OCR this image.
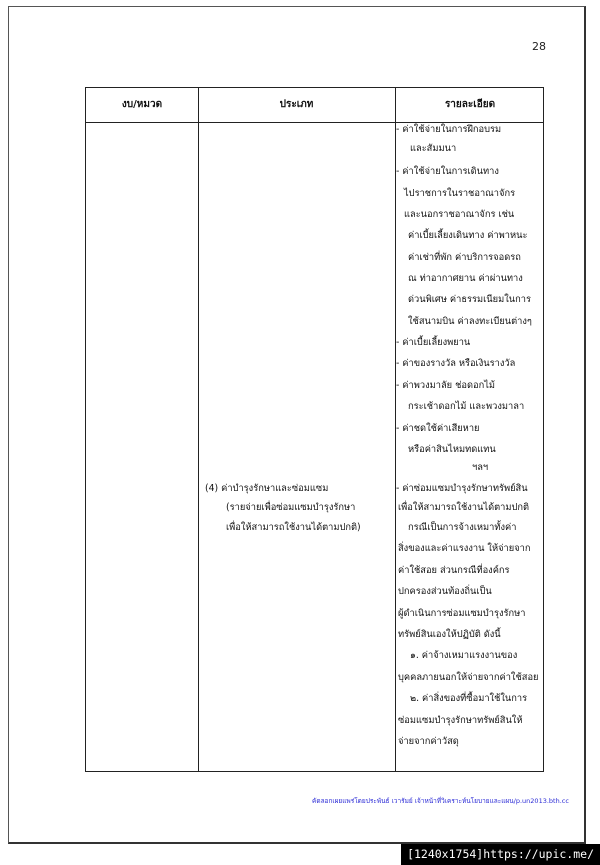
28
งบ/หมวด	ประเภท	รายละเอียด
(4) ค่าบำรุงรักษาและซ่อมแซม
(รายจ่ายเพื่อซ่อมแซมบำรุงรักษา
เพื่อให้สามารถใช้งานได้ตามปกติ)
- ค่าใช้จ่ายในการฝึกอบรม
และสัมมนา
- ค่าใช้จ่ายในการเดินทาง
ไปราชการในราชอาณาจักร
และนอกราชอาณาจักร เช่น
ค่าเบี้ยเลี้ยงเดินทาง ค่าพาหนะ
ค่าเช่าที่พัก ค่าบริการจอดรถ
ณ ท่าอากาศยาน ค่าผ่านทาง
ด่วนพิเศษ ค่าธรรมเนียมในการ
ใช้สนามบิน ค่าลงทะเบียนต่างๆ
- ค่าเบี้ยเลี้ยงพยาน
- ค่าของรางวัล หรือเงินรางวัล
- ค่าพวงมาลัย ช่อดอกไม้
กระเช้าดอกไม้ และพวงมาลา
- ค่าชดใช้ค่าเสียหาย
หรือค่าสินไหมทดแทน
ฯลฯ
- ค่าซ่อมแซมบำรุงรักษาทรัพย์สิน
เพื่อให้สามารถใช้งานได้ตามปกติ
กรณีเป็นการจ้างเหมาทั้งค่า
สิ่งของและค่าแรงงาน ให้จ่ายจาก
ค่าใช้สอย ส่วนกรณีที่องค์กร
ปกครองส่วนท้องถิ่นเป็น
ผู้ดำเนินการซ่อมแซมบำรุงรักษา
ทรัพย์สินเองให้ปฏิบัติ ดังนี้
๑. ค่าจ้างเหมาแรงงานของ
บุคคลภายนอกให้จ่ายจากค่าใช้สอย
๒. ค่าสิ่งของที่ซื้อมาใช้ในการ
ซ่อมแซมบำรุงรักษาทรัพย์สินให้
จ่ายจากค่าวัสดุ
คัดลอกเผยแพร่โดยประพันธ์ เวารัมย์ เจ้าหน้าที่วิเคราะห์นโยบายและแผน/p.un2013.bth.cc
[1240x1754]https://upic.me/
